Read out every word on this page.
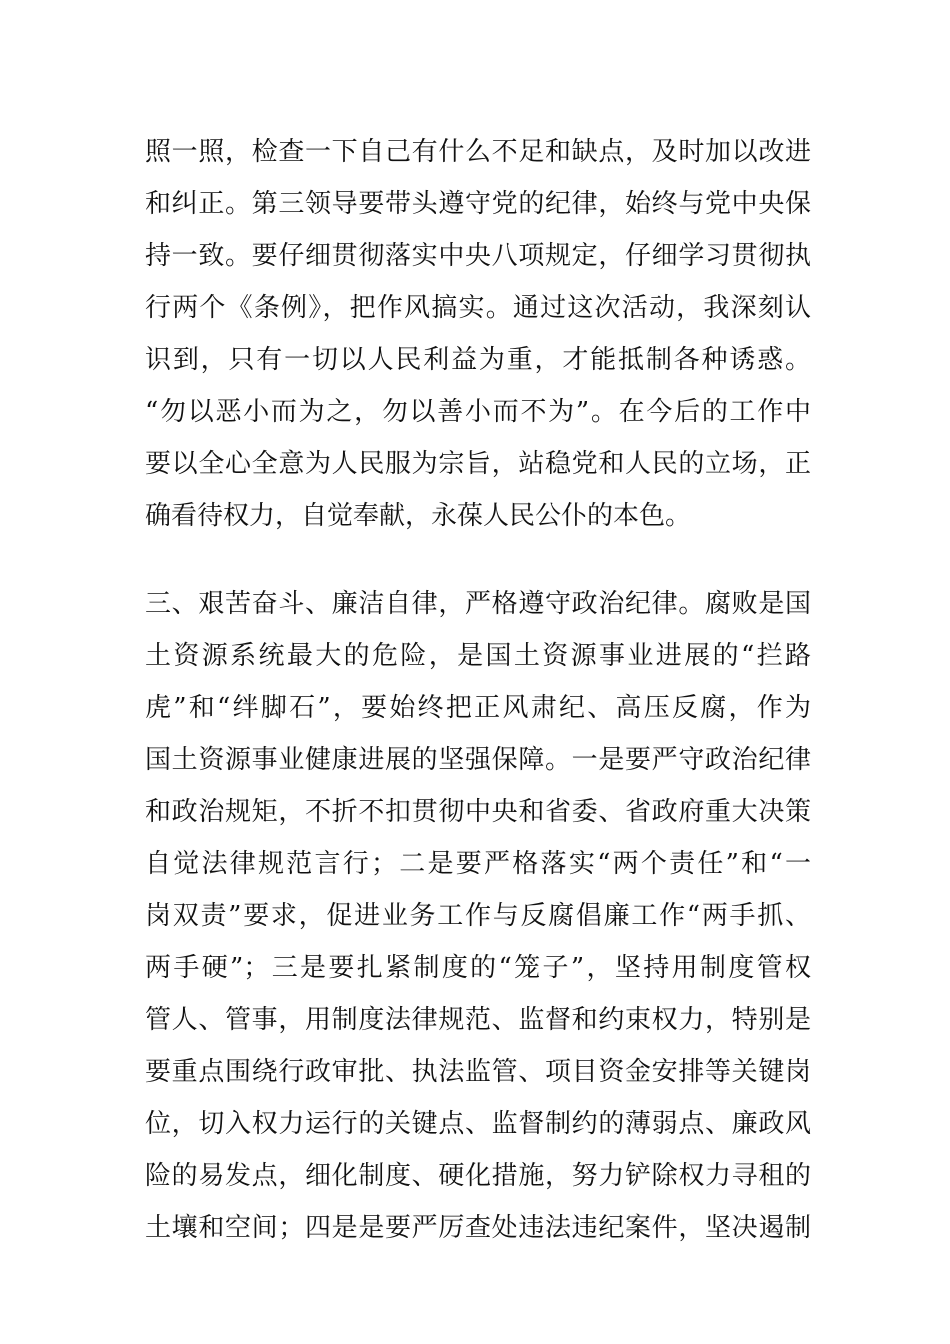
照一照，检查一下自己有什么不足和缺点，及时加以改进
和纠正。第三领导要带头遵守党的纪律，始终与党中央保
持一致。要仔细贯彻落实中央八项规定，仔细学习贯彻执
行两个《条例》，把作风搞实。通过这次活动，我深刻认
识到，只有一切以人民利益为重，才能抵制各种诱惑。
“勿以恶小而为之，勿以善小而不为”。在今后的工作中
要以全心全意为人民服为宗旨，站稳党和人民的立场，正
确看待权力，自觉奉献，永葆人民公仆的本色。
三、艰苦奋斗、廉洁自律，严格遵守政治纪律。腐败是国
土资源系统最大的危险，是国土资源事业进展的“拦路
虎”和“绊脚石”，要始终把正风肃纪、高压反腐，作为
国土资源事业健康进展的坚强保障。一是要严守政治纪律
和政治规矩，不折不扣贯彻中央和省委、省政府重大决策
自觉法律规范言行；二是要严格落实“两个责任”和“一
岗双责”要求，促进业务工作与反腐倡廉工作“两手抓、
两手硬”；三是要扎紧制度的“笼子”，坚持用制度管权
管人、管事，用制度法律规范、监督和约束权力，特别是
要重点围绕行政审批、执法监管、项目资金安排等关键岗
位，切入权力运行的关键点、监督制约的薄弱点、廉政风
险的易发点，细化制度、硬化措施，努力铲除权力寻租的
土壤和空间；四是是要严厉查处违法违纪案件，坚决遏制
